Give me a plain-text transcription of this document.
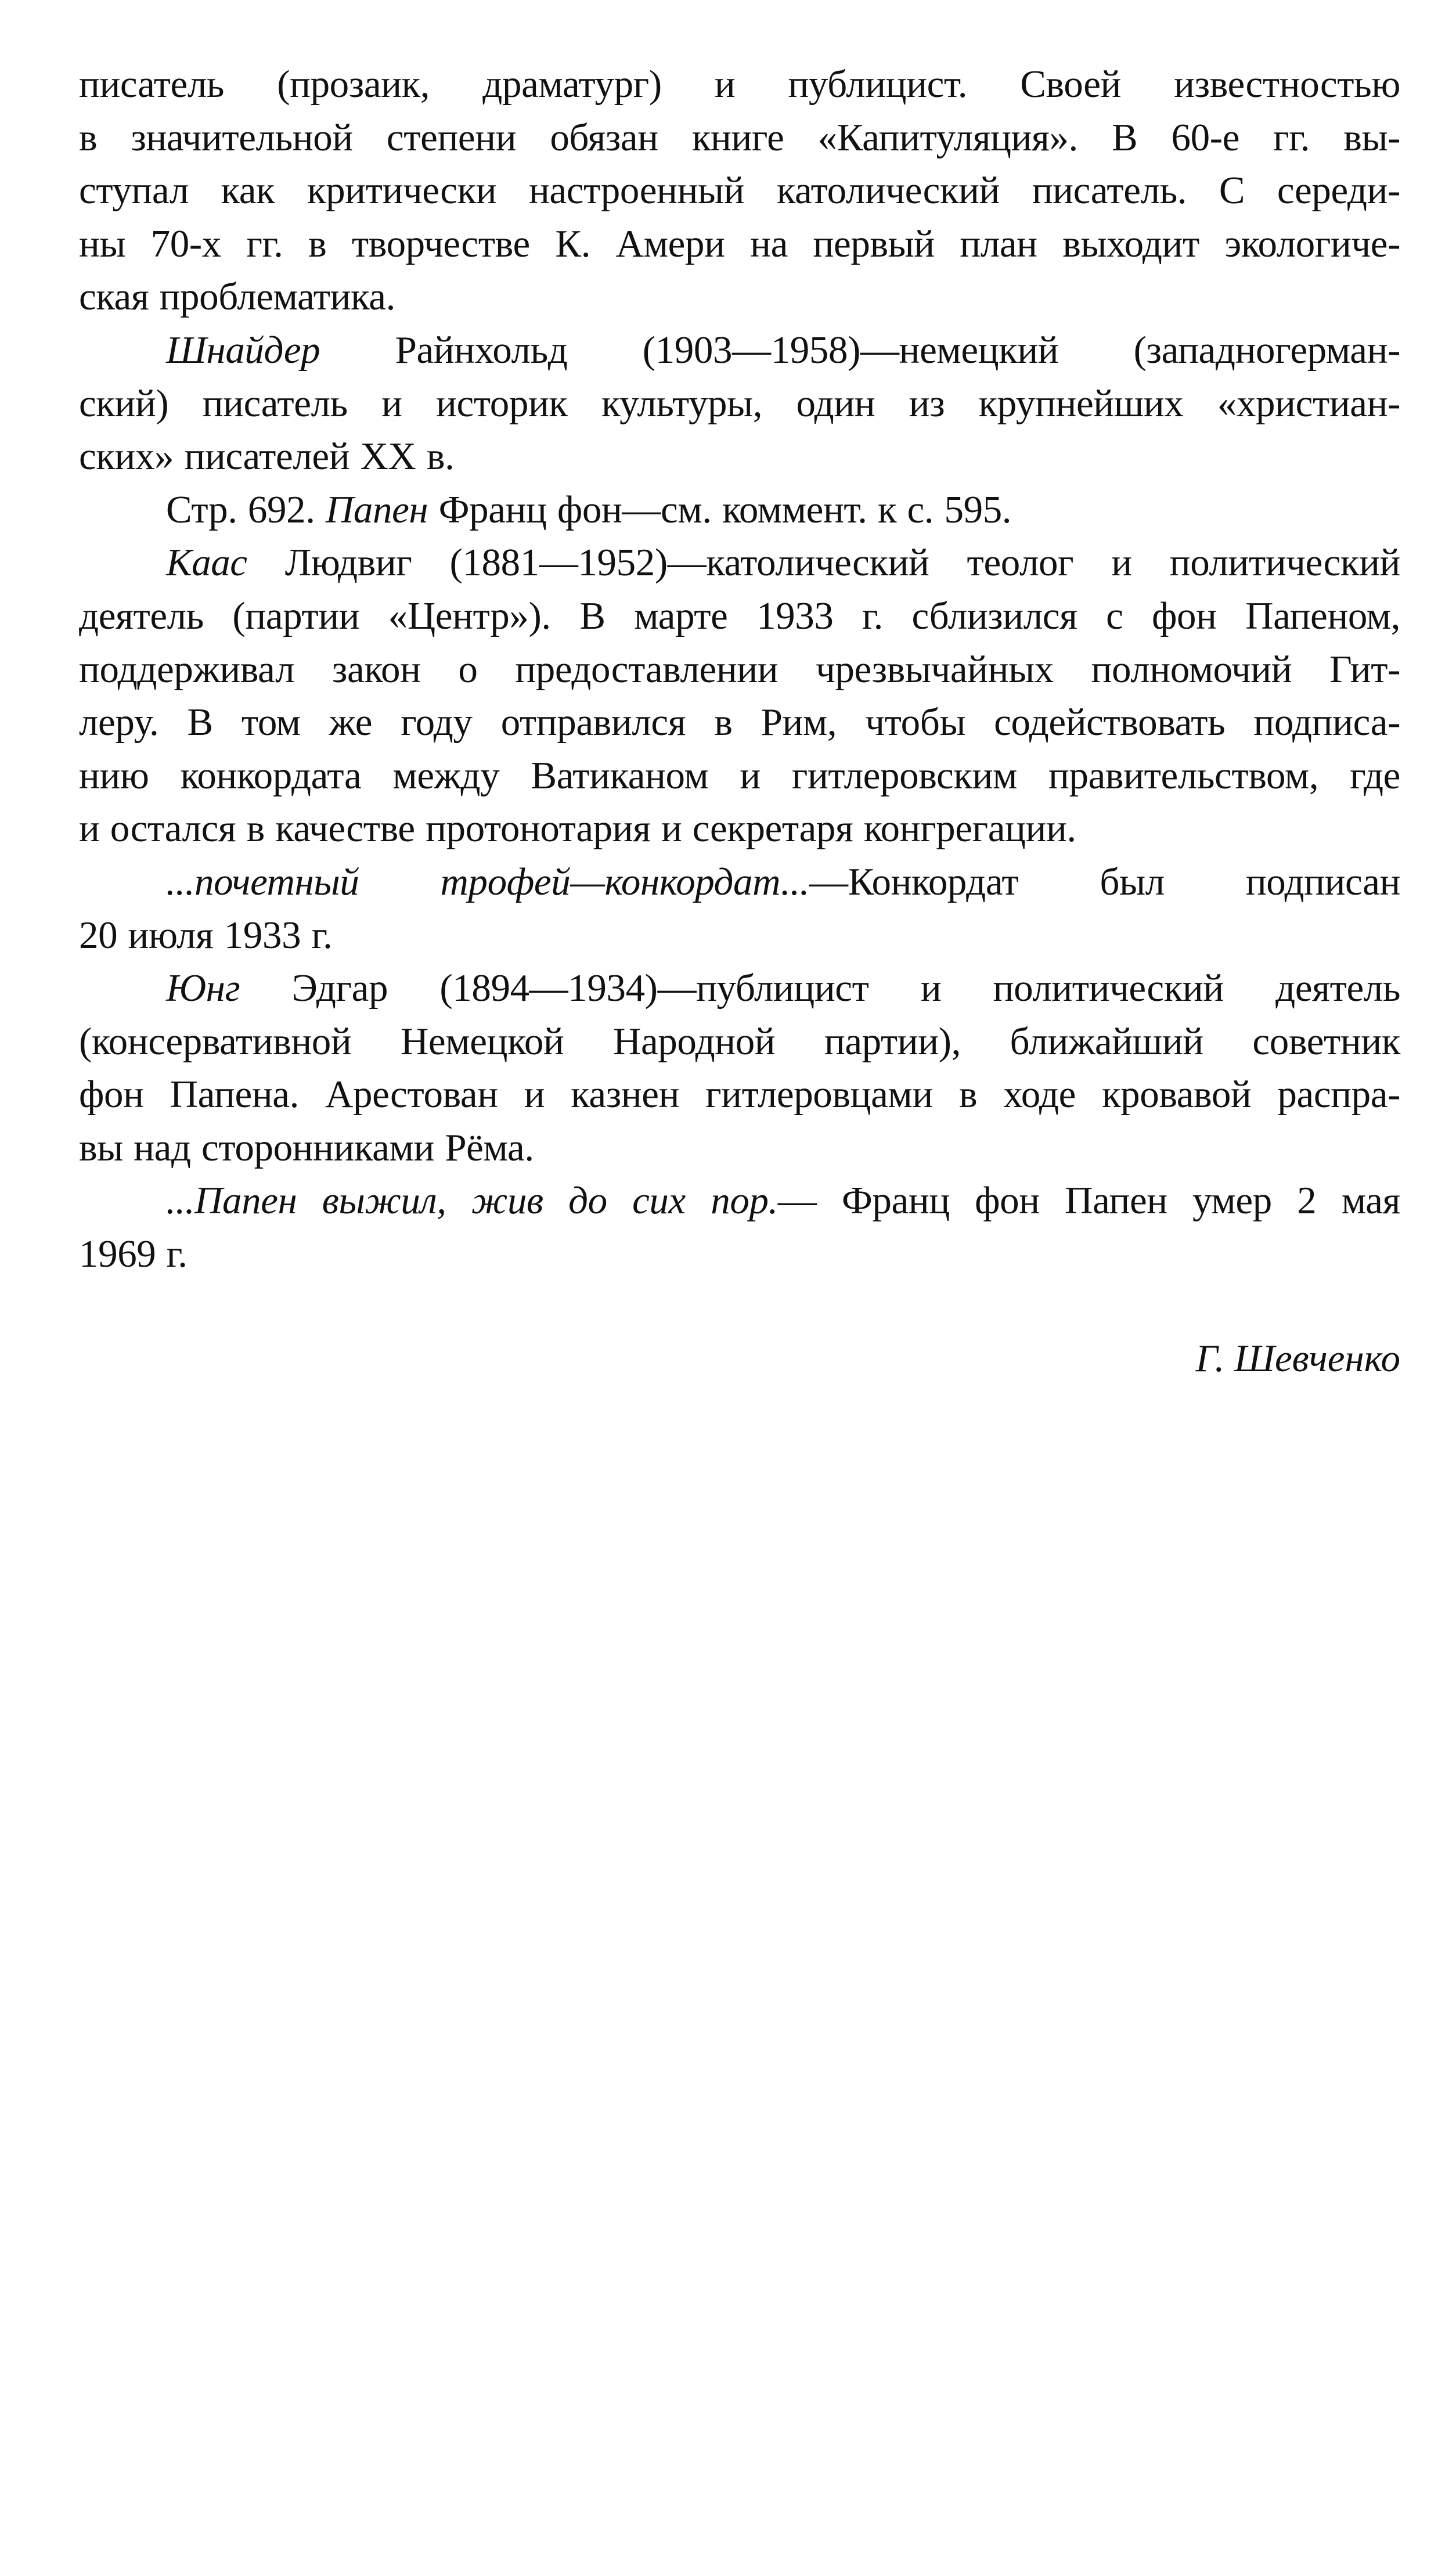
писатель (прозаик, драматург) и публицист. Своей известностью
в значительной степени обязан книге «Капитуляция». В 60-е гг. вы-
ступал как критически настроенный католический писатель. С середи-
ны 70-х гг. в творчестве К. Амери на первый план выходит экологиче-
ская проблематика.
Шнайдер Райнхольд (1903—1958)—немецкий (западногерман-
ский) писатель и историк культуры, один из крупнейших «христиан-
ских» писателей XX в.
Стр. 692. Папен Франц фон—см. коммент. к с. 595.
Каас Людвиг (1881—1952)—католический теолог и политический
деятель (партии «Центр»). В марте 1933 г. сблизился с фон Папеном,
поддерживал закон о предоставлении чрезвычайных полномочий Гит-
леру. В том же году отправился в Рим, чтобы содействовать подписа-
нию конкордата между Ватиканом и гитлеровским правительством, где
и остался в качестве протонотария и секретаря конгрегации.
...почетный трофей—конкордат...—Конкордат был подписан
20 июля 1933 г.
Юнг Эдгар (1894—1934)—публицист и политический деятель
(консервативной Немецкой Народной партии), ближайший советник
фон Папена. Арестован и казнен гитлеровцами в ходе кровавой распра-
вы над сторонниками Рёма.
...Папен выжил, жив до сих пор.— Франц фон Папен умер 2 мая
1969 г.
Г. Шевченко
